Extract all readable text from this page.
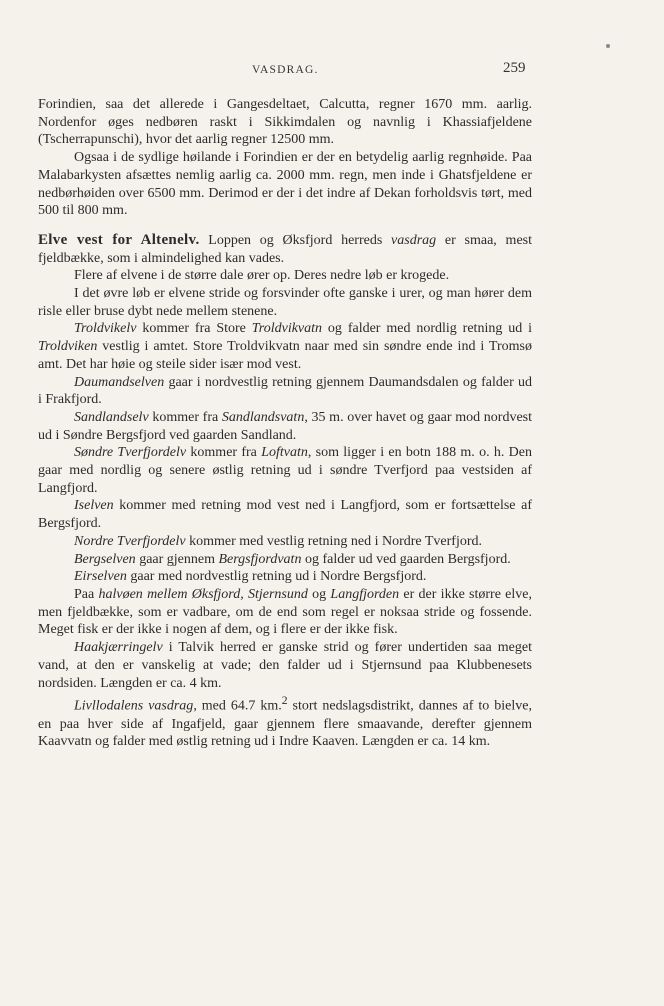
VASDRAG.	259

Forindien, saa det allerede i Gangesdeltaet, Calcutta, regner 1670 mm. aarlig. Nordenfor øges nedbøren raskt i Sikkimdalen og navnlig i Khassiafjeldene (Tscherrapunschi), hvor det aarlig regner 12500 mm.

Ogsaa i de sydlige høilande i Forindien er der en betydelig aarlig regnhøide. Paa Malabarkysten afsættes nemlig aarlig ca. 2000 mm. regn, men inde i Ghatsfjeldene er nedbørhøiden over 6500 mm. Derimod er der i det indre af Dekan forholdsvis tørt, med 500 til 800 mm.

Elve vest for Altenelv. Loppen og Øksfjord herreds vasdrag er smaa, mest fjeldbække, som i almindelighed kan vades.

Flere af elvene i de større dale ører op. Deres nedre løb er krogede.

I det øvre løb er elvene stride og forsvinder ofte ganske i urer, og man hører dem risle eller bruse dybt nede mellem stenene.

Troldvikelv kommer fra Store Troldvikvatn og falder med nordlig retning ud i Troldviken vestlig i amtet. Store Troldvikvatn naar med sin søndre ende ind i Tromsø amt. Det har høie og steile sider især mod vest.

Daumandselven gaar i nordvestlig retning gjennem Daumandsdalen og falder ud i Frakfjord.

Sandlandselv kommer fra Sandlandsvatn, 35 m. over havet og gaar mod nordvest ud i Søndre Bergsfjord ved gaarden Sandland.

Søndre Tverfjordelv kommer fra Loftvatn, som ligger i en botn 188 m. o. h. Den gaar med nordlig og senere østlig retning ud i søndre Tverfjord paa vestsiden af Langfjord.

Iselven kommer med retning mod vest ned i Langfjord, som er fortsættelse af Bergsfjord.

Nordre Tverfjordelv kommer med vestlig retning ned i Nordre Tverfjord.

Bergselven gaar gjennem Bergsfjordvatn og falder ud ved gaarden Bergsfjord.

Eirselven gaar med nordvestlig retning ud i Nordre Bergsfjord.

Paa halvøen mellem Øksfjord, Stjernsund og Langfjorden er der ikke større elve, men fjeldbække, som er vadbare, om de end som regel er noksaa stride og fossende. Meget fisk er der ikke i nogen af dem, og i flere er der ikke fisk.

Haakjærringelv i Talvik herred er ganske strid og fører undertiden saa meget vand, at den er vanskelig at vade; den falder ud i Stjernsund paa Klubbenesets nordsiden. Længden er ca. 4 km.

Livllodalens vasdrag, med 64.7 km.$^2$ stort nedslagsdistrikt, dannes af to bielve, en paa hver side af Ingafjeld, gaar gjennem flere smaavande, derefter gjennem Kaavvatn og falder med østlig retning ud i Indre Kaaven. Længden er ca. 14 km.
